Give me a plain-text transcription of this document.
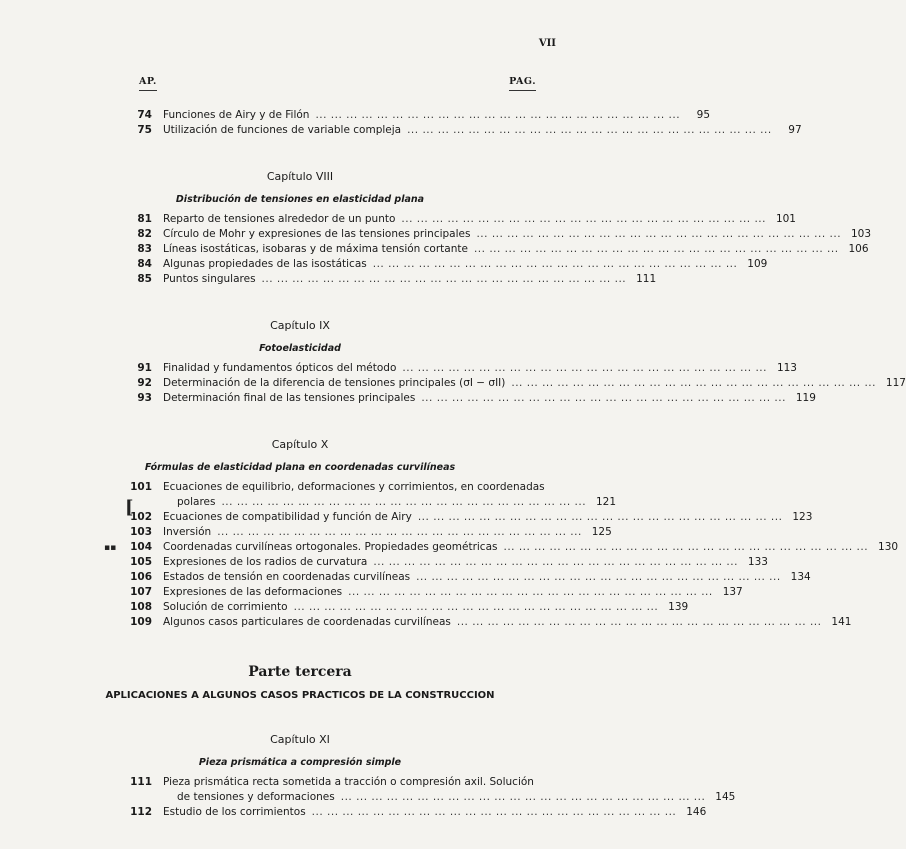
VII
AP.	PAG.
74 Funciones de Airy y de Filón ... .	95
75 Utilización de funciones de variable compleja ... .	97
Capítulo VIII
Distribución de tensiones en elasticidad plana
81 Reparto de tensiones alrededor de un punto ... .	101
82 Círculo de Mohr y expresiones de las tensiones principales ... .	103
83 Líneas isostáticas, isobaras y de máxima tensión cortante ... .	106
84 Algunas propiedades de las isostáticas ... .	109
85 Puntos singulares ... .	111
Capítulo IX
Fotoelasticidad
91 Finalidad y fundamentos ópticos del método ... .	113
92 Determinación de la diferencia de tensiones principales (σI − σII) ... .	117
93 Determinación final de las tensiones principales ... .	119
Capítulo X
Fórmulas de elasticidad plana en coordenadas curvilíneas
101 Ecuaciones de equilibrio, deformaciones y corrimientos, en coordenadas
polares ... .	121
102 Ecuaciones de compatibilidad y función de Airy ... .	123
103 Inversión ... .	125
104 Coordenadas curvilíneas ortogonales. Propiedades geométricas ... .	130
105 Expresiones de los radios de curvatura ... .	133
106 Estados de tensión en coordenadas curvilíneas ... .	134
107 Expresiones de las deformaciones ... .	137
108 Solución de corrimiento ... .	139
109 Algunos casos particulares de coordenadas curvilíneas ... .	141
Parte tercera
APLICACIONES A ALGUNOS CASOS PRACTICOS DE LA CONSTRUCCION
Capítulo XI
Pieza prismática a compresión simple
111 Pieza prismática recta sometida a tracción o compresión axil. Solución
de tensiones y deformaciones ... .	145
112 Estudio de los corrimientos ... .	146
[
▪▪
